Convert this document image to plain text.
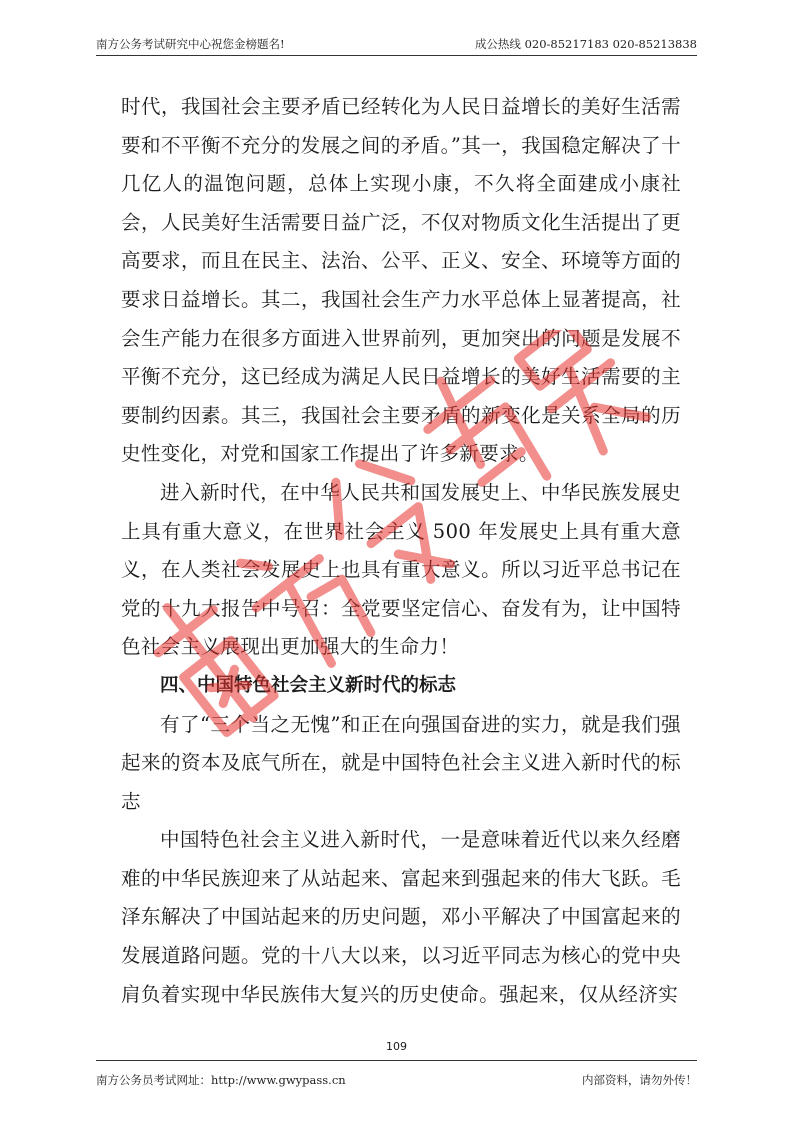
南方公务考试研究中心祝您金榜题名!	成公热线 020-85217183 020-85213838

时代，我国社会主要矛盾已经转化为人民日益增长的美好生活需要和不平衡不充分的发展之间的矛盾。”其一，我国稳定解决了十几亿人的温饱问题，总体上实现小康，不久将全面建成小康社会，人民美好生活需要日益广泛，不仅对物质文化生活提出了更高要求，而且在民主、法治、公平、正义、安全、环境等方面的要求日益增长。其二，我国社会生产力水平总体上显著提高，社会生产能力在很多方面进入世界前列，更加突出的问题是发展不平衡不充分，这已经成为满足人民日益增长的美好生活需要的主要制约因素。其三，我国社会主要矛盾的新变化是关系全局的历史性变化，对党和国家工作提出了许多新要求。

进入新时代，在中华人民共和国发展史上、中华民族发展史上具有重大意义，在世界社会主义 500 年发展史上具有重大意义，在人类社会发展史上也具有重大意义。所以习近平总书记在党的十九大报告中号召：全党要坚定信心、奋发有为，让中国特色社会主义展现出更加强大的生命力！

四、中国特色社会主义新时代的标志

有了“三个当之无愧”和正在向强国奋进的实力，就是我们强起来的资本及底气所在，就是中国特色社会主义进入新时代的标志

中国特色社会主义进入新时代，一是意味着近代以来久经磨难的中华民族迎来了从站起来、富起来到强起来的伟大飞跃。毛泽东解决了中国站起来的历史问题，邓小平解决了中国富起来的发展道路问题。党的十八大以来，以习近平同志为核心的党中央肩负着实现中华民族伟大复兴的历史使命。强起来，仅从经济实

109
南方公务员考试网址：http://www.gwypass.cn	内部资料，请勿外传！
